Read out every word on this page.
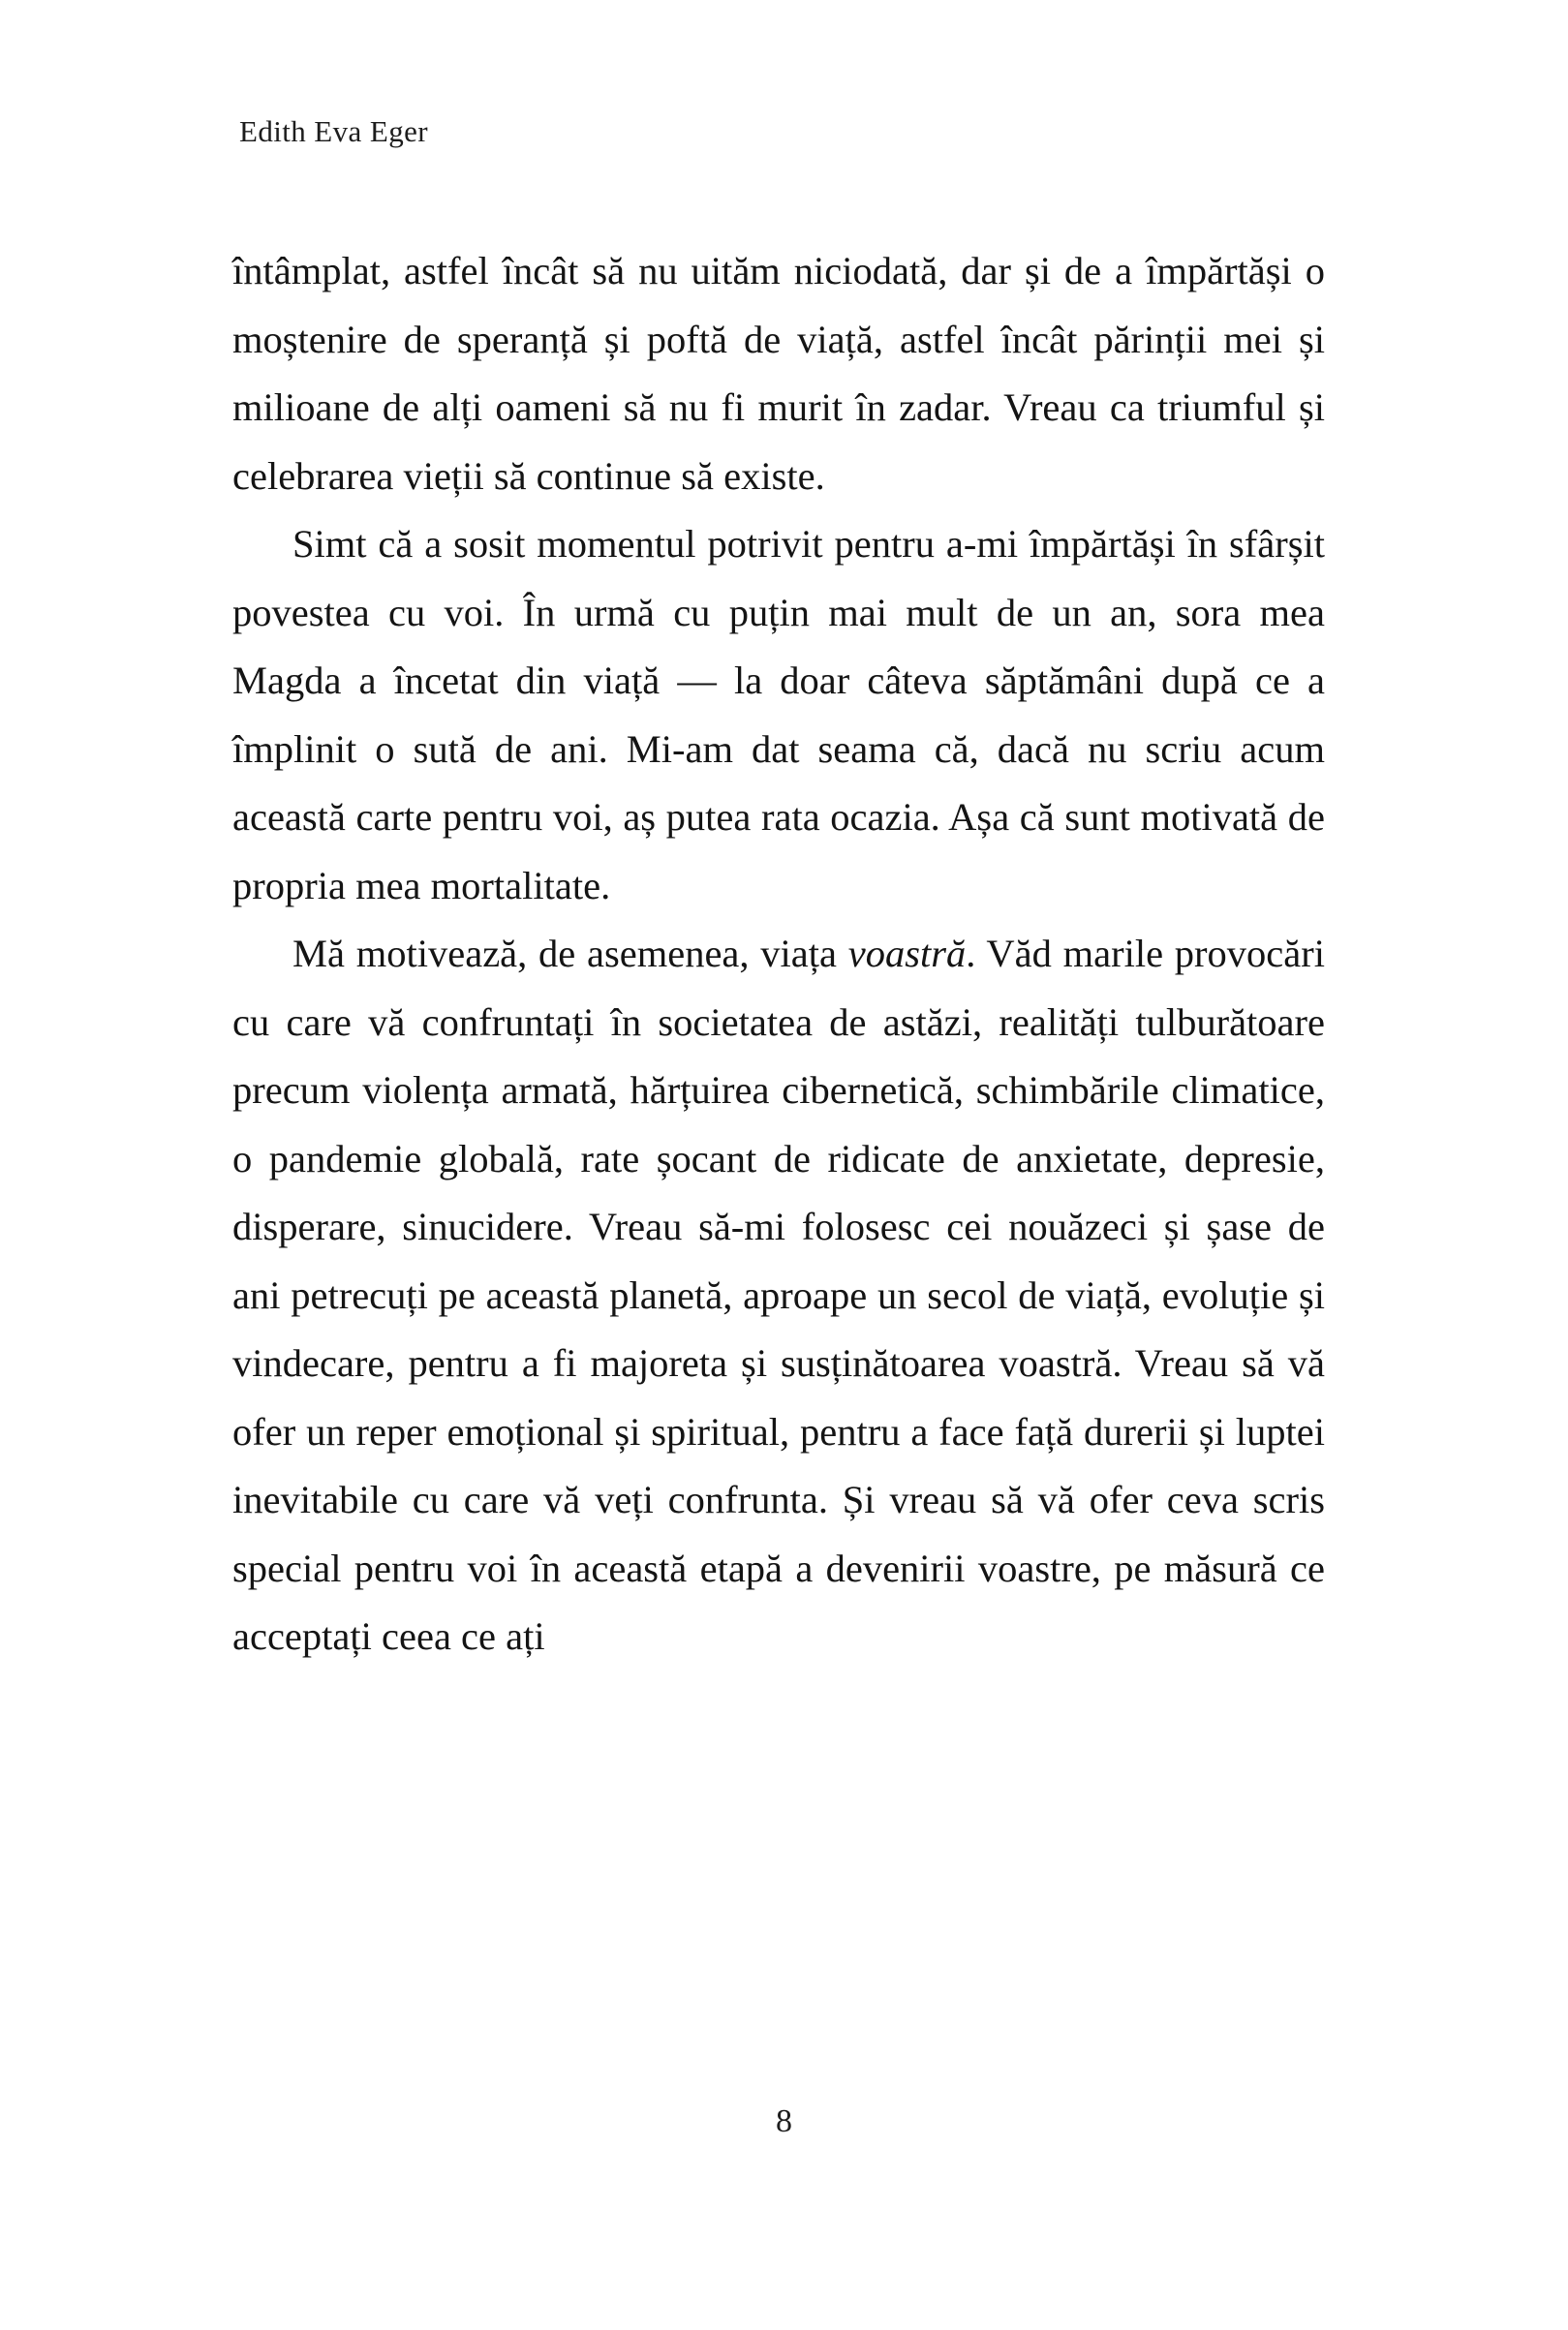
Edith Eva Eger

întâmplat, astfel încât să nu uităm niciodată, dar și de a împărtăși o moștenire de speranță și poftă de viață, astfel încât părinții mei și milioane de alți oameni să nu fi murit în zadar. Vreau ca triumful și celebrarea vieții să continue să existe.

Simt că a sosit momentul potrivit pentru a-mi împărtăși în sfârșit povestea cu voi. În urmă cu puțin mai mult de un an, sora mea Magda a încetat din viață — la doar câteva săptămâni după ce a împlinit o sută de ani. Mi-am dat seama că, dacă nu scriu acum această carte pentru voi, aș putea rata ocazia. Așa că sunt motivată de propria mea mortalitate.

Mă motivează, de asemenea, viața voastră. Văd marile provocări cu care vă confruntați în societatea de astăzi, realități tulburătoare precum violența armată, hărțuirea cibernetică, schimbările climatice, o pandemie globală, rate șocant de ridicate de anxietate, depresie, disperare, sinucidere. Vreau să-mi folosesc cei nouăzeci și șase de ani petrecuți pe această planetă, aproape un secol de viață, evoluție și vindecare, pentru a fi majoreta și susținătoarea voastră. Vreau să vă ofer un reper emoțional și spiritual, pentru a face față durerii și luptei inevitabile cu care vă veți confrunta. Și vreau să vă ofer ceva scris special pentru voi în această etapă a devenirii voastre, pe măsură ce acceptați ceea ce ați

8
